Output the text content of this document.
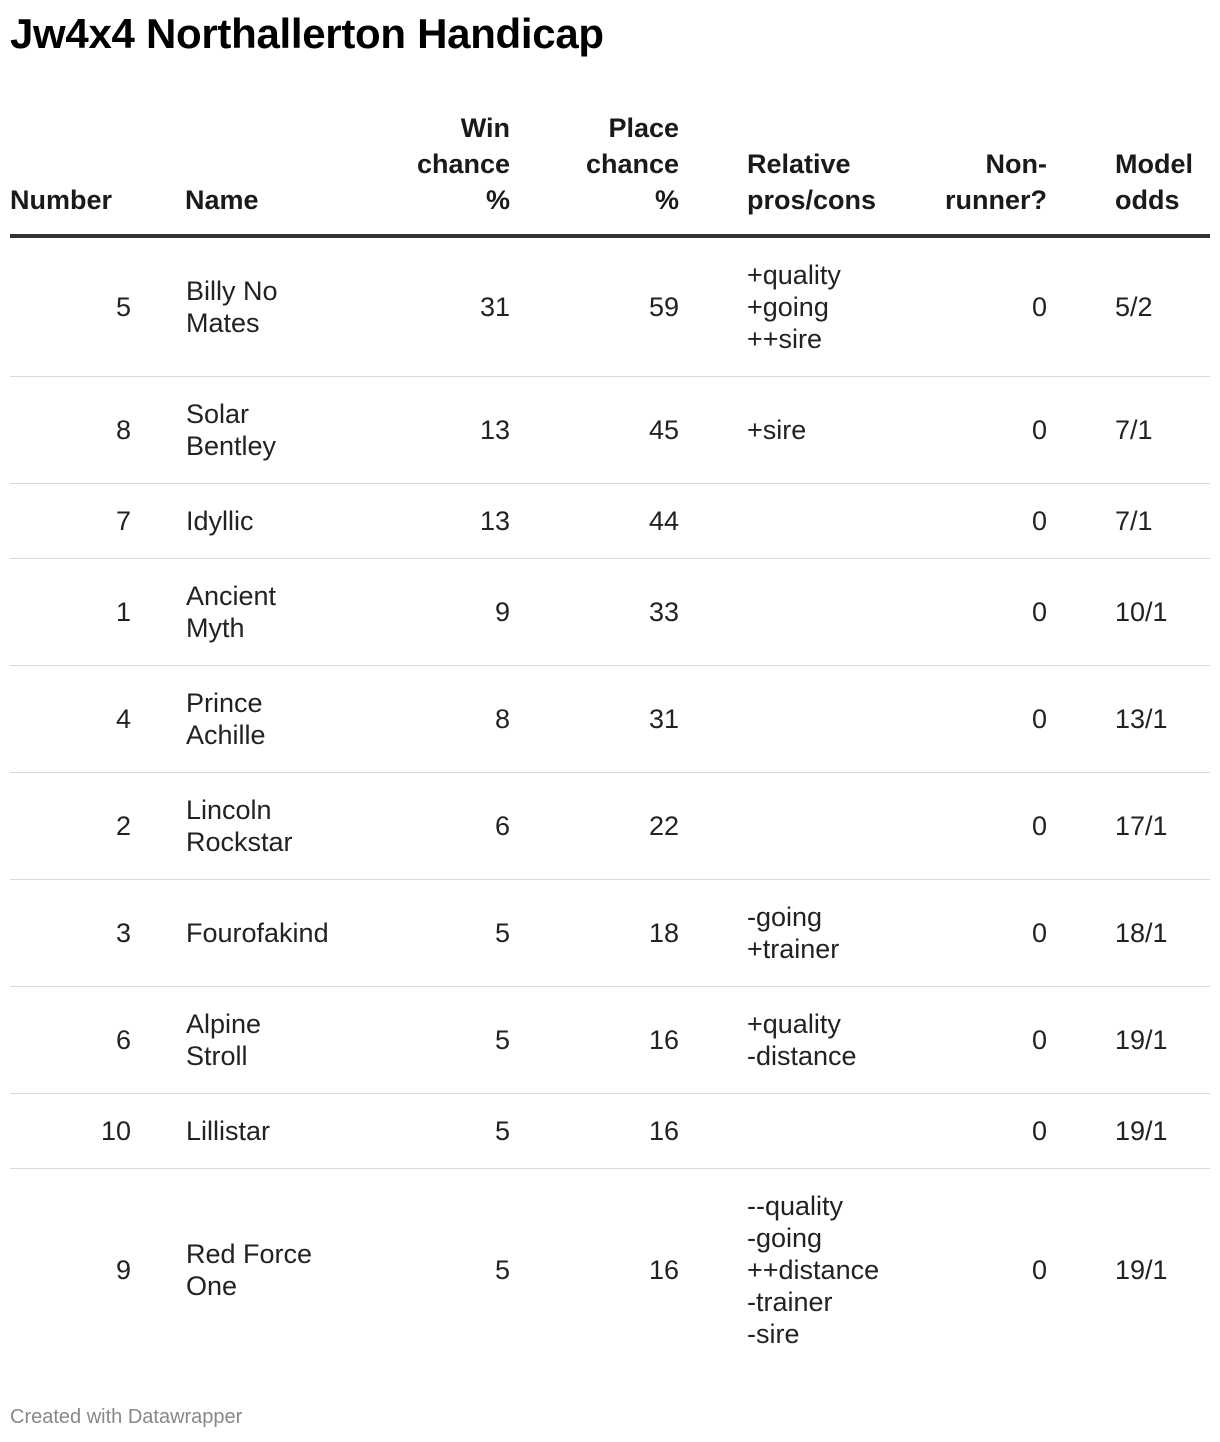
Jw4x4 Northallerton Handicap
Number	Name	Win
chance
%	Place
chance
%	Relative
pros/cons	Non-
runner?	Model
odds
5	Billy No
Mates	31	59	+quality
+going
++sire	0	5/2
8	Solar
Bentley	13	45	+sire	0	7/1
7	Idyllic	13	44		0	7/1
1	Ancient
Myth	9	33		0	10/1
4	Prince
Achille	8	31		0	13/1
2	Lincoln
Rockstar	6	22		0	17/1
3	Fourofakind	5	18	-going
+trainer	0	18/1
6	Alpine
Stroll	5	16	+quality
-distance	0	19/1
10	Lillistar	5	16		0	19/1
9	Red Force
One	5	16	--quality
-going
++distance
-trainer
-sire	0	19/1
Created with Datawrapper
